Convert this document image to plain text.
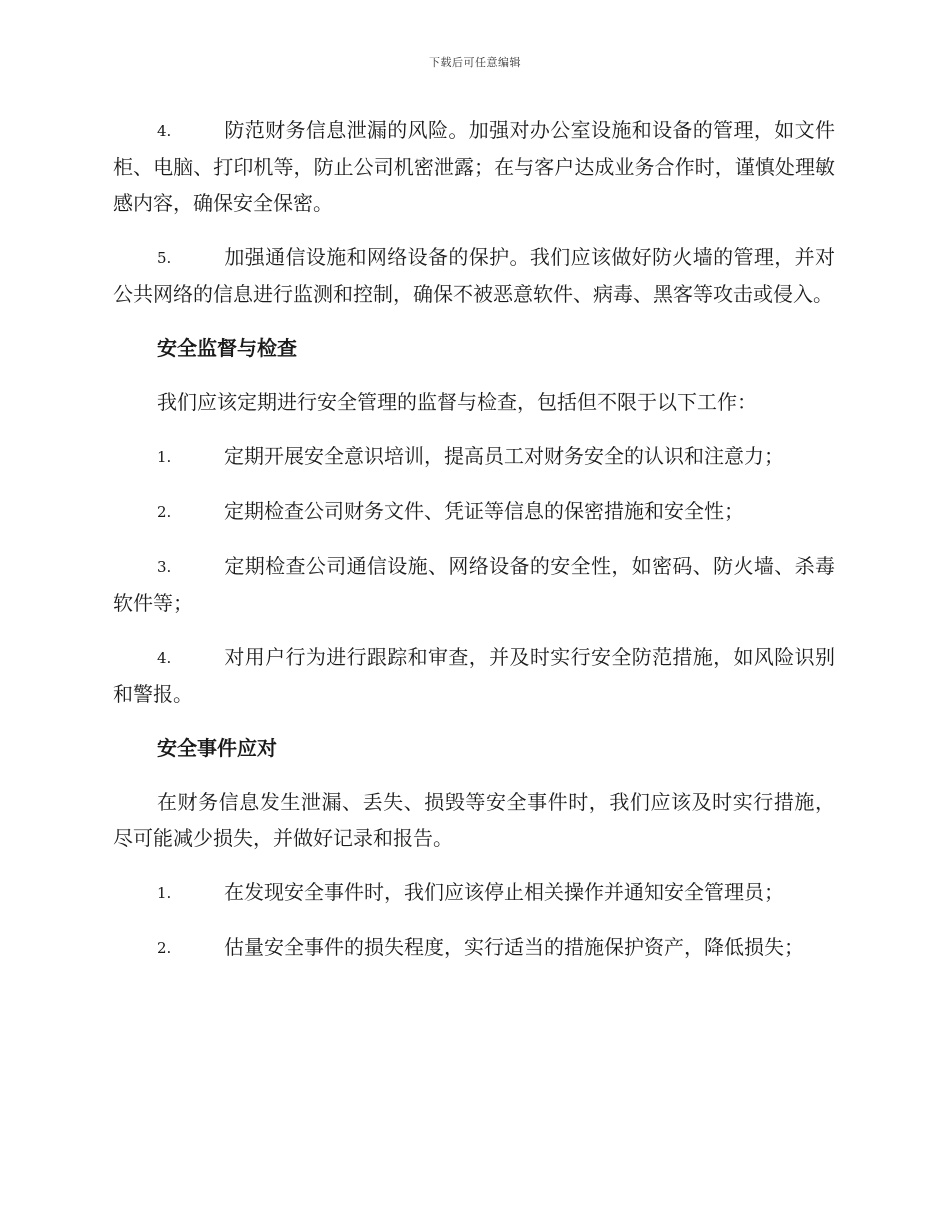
下载后可任意编辑

4.	防范财务信息泄漏的风险。加强对办公室设施和设备的管理，如文件柜、电脑、打印机等，防止公司机密泄露；在与客户达成业务合作时，谨慎处理敏感内容，确保安全保密。

5.	加强通信设施和网络设备的保护。我们应该做好防火墙的管理，并对公共网络的信息进行监测和控制，确保不被恶意软件、病毒、黑客等攻击或侵入。

安全监督与检查

我们应该定期进行安全管理的监督与检查，包括但不限于以下工作：

1.	定期开展安全意识培训，提高员工对财务安全的认识和注意力；

2.	定期检查公司财务文件、凭证等信息的保密措施和安全性；

3.	定期检查公司通信设施、网络设备的安全性，如密码、防火墙、杀毒软件等；

4.	对用户行为进行跟踪和审查，并及时实行安全防范措施，如风险识别和警报。

安全事件应对

在财务信息发生泄漏、丢失、损毁等安全事件时，我们应该及时实行措施，尽可能减少损失，并做好记录和报告。

1.	在发现安全事件时，我们应该停止相关操作并通知安全管理员；

2.	估量安全事件的损失程度，实行适当的措施保护资产，降低损失；
